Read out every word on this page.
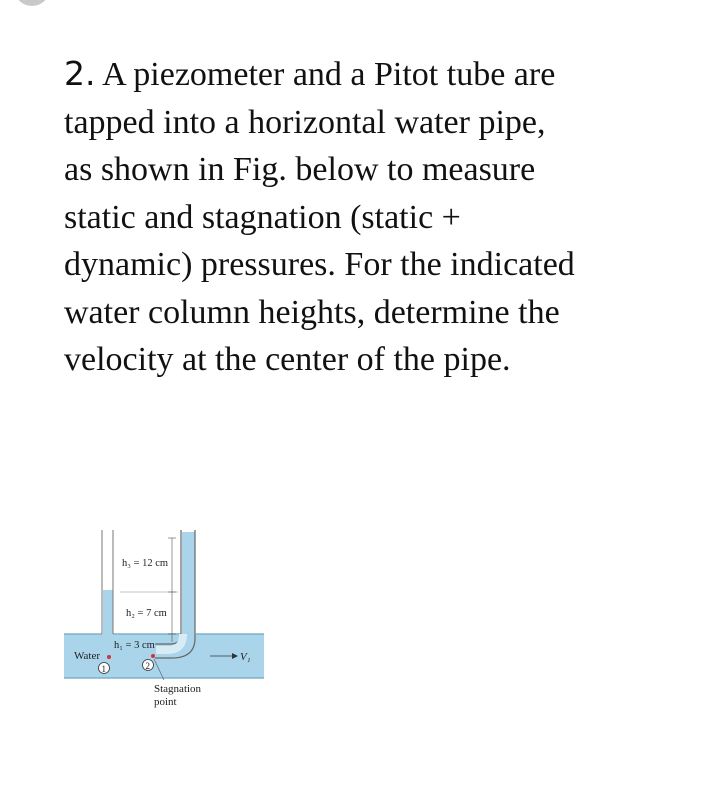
2. A piezometer and a Pitot tube are
tapped into a horizontal water pipe,
as shown in Fig. below to measure
static and stagnation (static +
dynamic) pressures. For the indicated
water column heights, determine the
velocity at the center of the pipe.
h₃ = 12 cm
h₂ = 7 cm
h₁ = 3 cm
Water
1	2
V₁
Stagnation
point
